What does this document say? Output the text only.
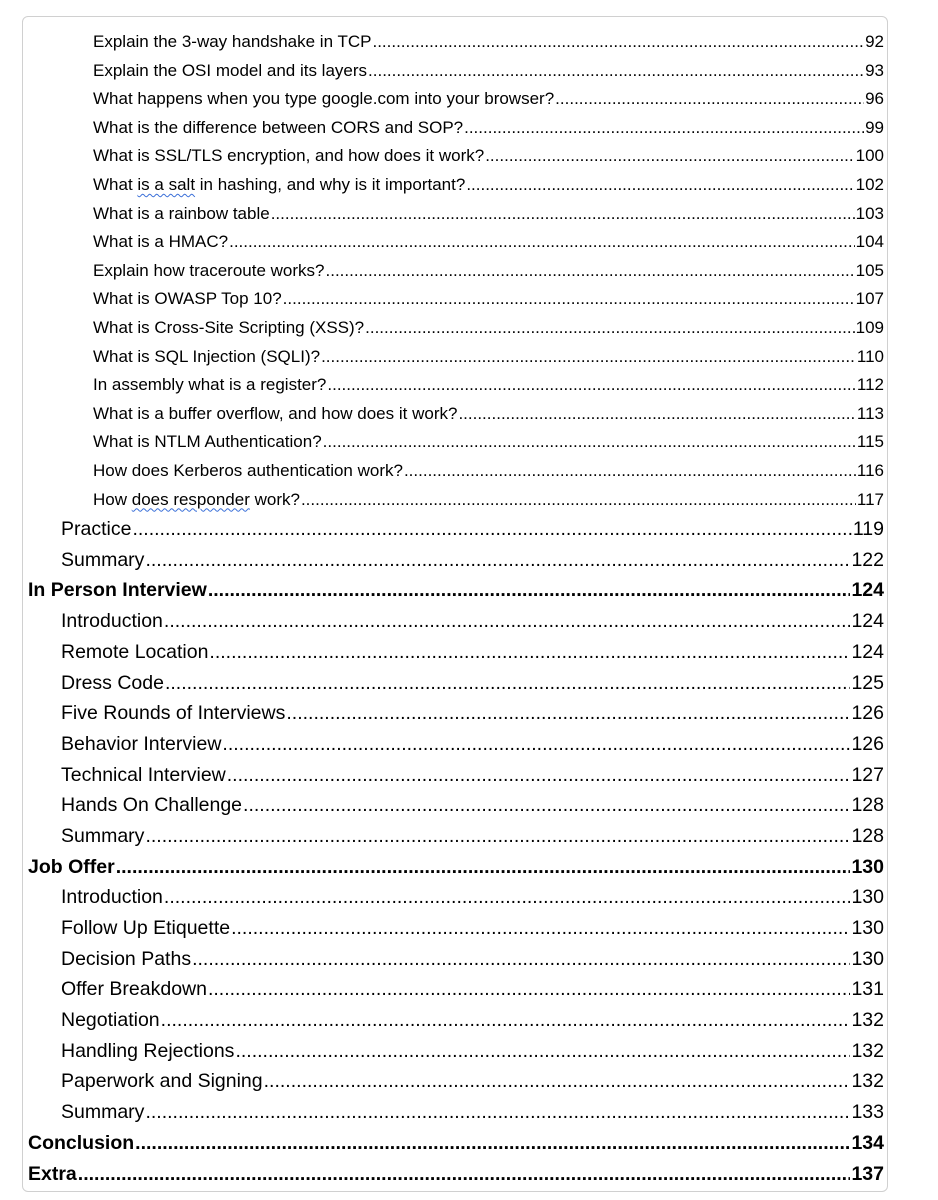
Explain the 3-way handshake in TCP .....	92
Explain the OSI model and its layers .....	93
What happens when you type google.com into your browser? .....	96
What is the difference between CORS and SOP? .....	99
What is SSL/TLS encryption, and how does it work? .....	100
What is a salt in hashing, and why is it important? .....	102
What is a rainbow table .....	103
What is a HMAC? .....	104
Explain how traceroute works? .....	105
What is OWASP Top 10? .....	107
What is Cross-Site Scripting (XSS)? .....	109
What is SQL Injection (SQLI)? .....	110
In assembly what is a register? .....	112
What is a buffer overflow, and how does it work? .....	113
What is NTLM Authentication? .....	115
How does Kerberos authentication work? .....	116
How does responder work? .....	117
Practice .....	119
Summary .....	122
In Person Interview .....	124
Introduction .....	124
Remote Location .....	124
Dress Code .....	125
Five Rounds of Interviews .....	126
Behavior Interview .....	126
Technical Interview .....	127
Hands On Challenge .....	128
Summary .....	128
Job Offer .....	130
Introduction .....	130
Follow Up Etiquette .....	130
Decision Paths .....	130
Offer Breakdown .....	131
Negotiation .....	132
Handling Rejections .....	132
Paperwork and Signing .....	132
Summary .....	133
Conclusion .....	134
Extra .....	137
